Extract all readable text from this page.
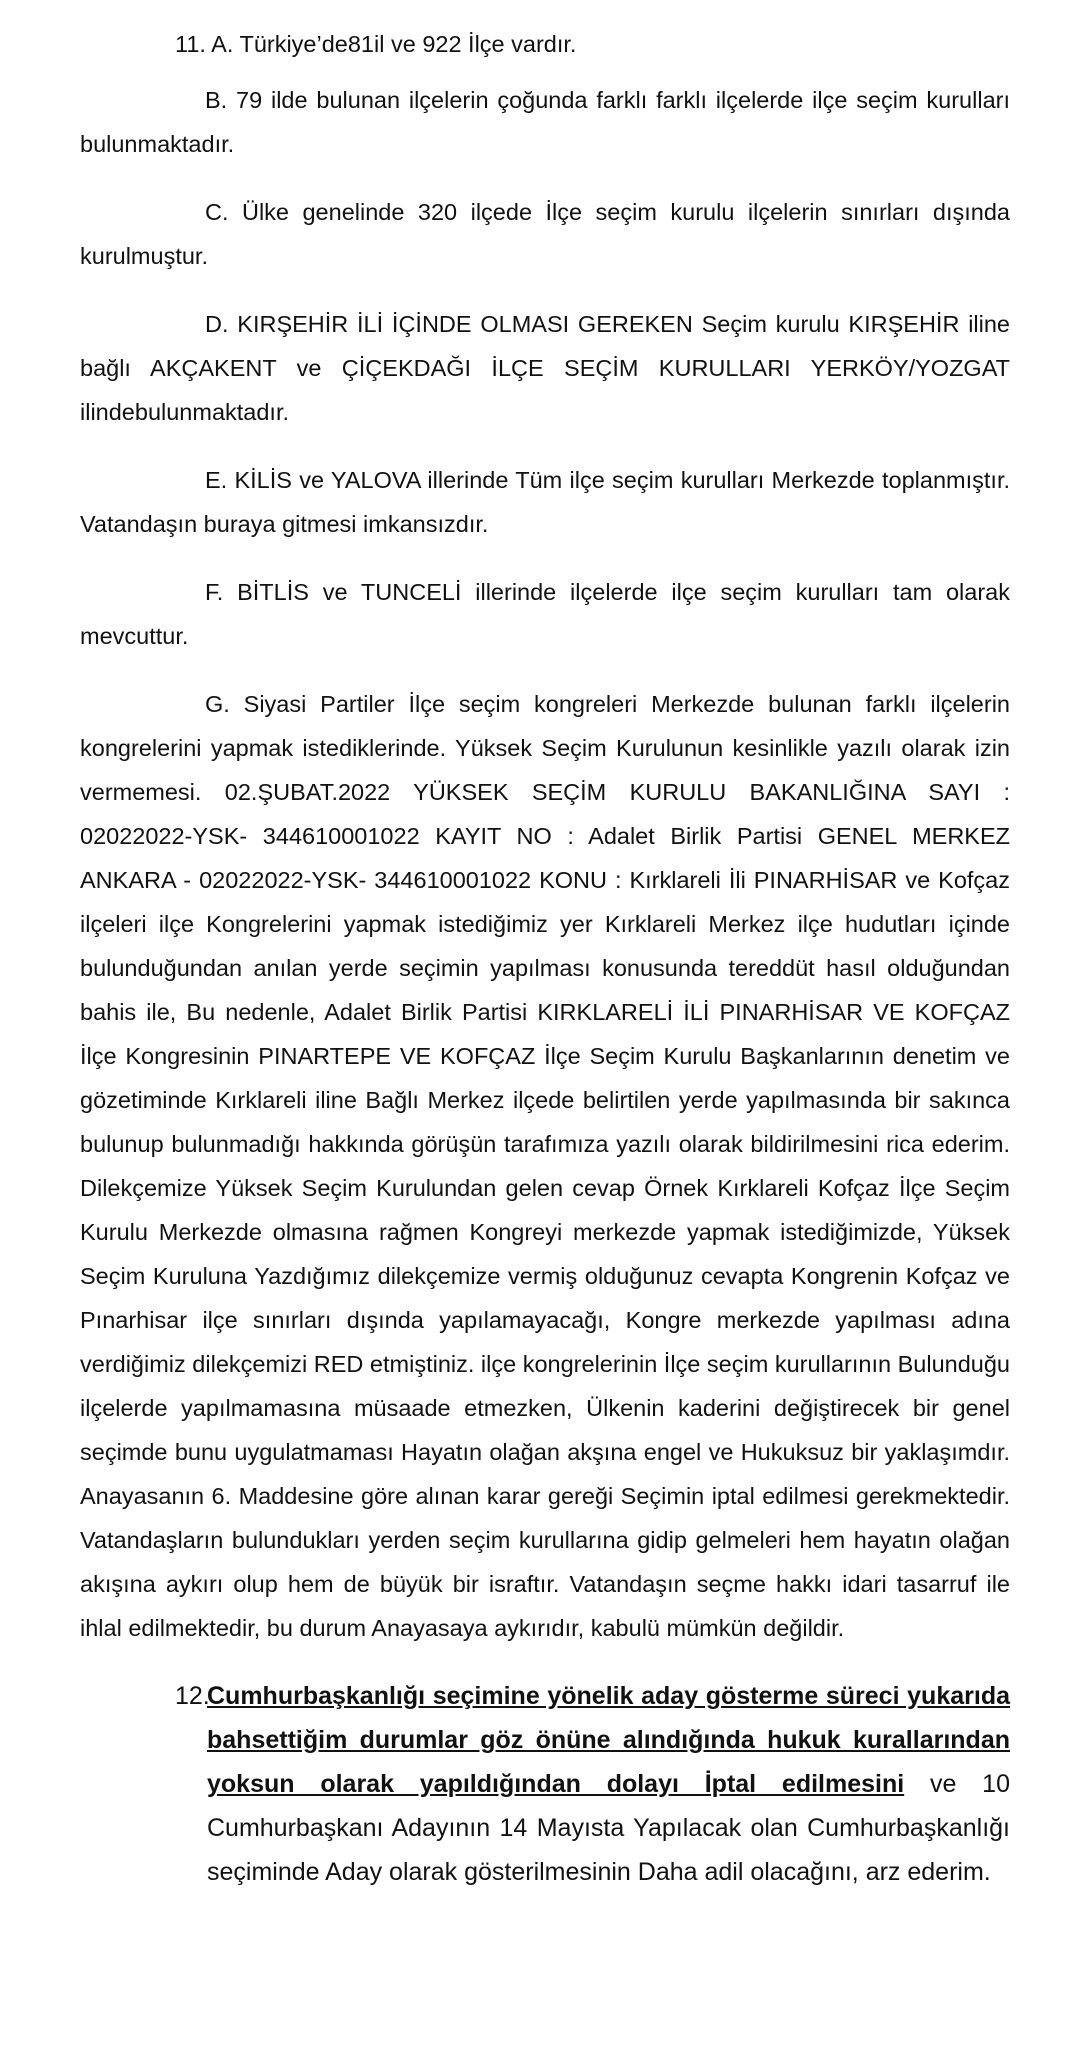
11. A. Türkiye’de81il ve 922 İlçe vardır.

B. 79 ilde bulunan ilçelerin çoğunda farklı farklı ilçelerde ilçe seçim kurulları bulunmaktadır.

C. Ülke genelinde 320 ilçede İlçe seçim kurulu ilçelerin sınırları dışında kurulmuştur.

D. KIRŞEHİR İLİ İÇİNDE OLMASI GEREKEN Seçim kurulu KIRŞEHİR iline bağlı AKÇAKENT ve ÇİÇEKDAĞI İLÇE SEÇİM KURULLARI YERKÖY/YOZGAT ilindebulunmaktadır.

E. KİLİS ve YALOVA illerinde Tüm ilçe seçim kurulları Merkezde toplanmıştır. Vatandaşın buraya gitmesi imkansızdır.

F. BİTLİS ve TUNCELİ illerinde ilçelerde ilçe seçim kurulları tam olarak mevcuttur.

G. Siyasi Partiler İlçe seçim kongreleri Merkezde bulunan farklı ilçelerin kongrelerini yapmak istediklerinde. Yüksek Seçim Kurulunun kesinlikle yazılı olarak izin vermemesi. 02.ŞUBAT.2022 YÜKSEK SEÇİM KURULU BAKANLIĞINA SAYI : 02022022-YSK- 344610001022 KAYIT NO : Adalet Birlik Partisi GENEL MERKEZ ANKARA - 02022022-YSK- 344610001022 KONU : Kırklareli İli PINARHİSAR ve Kofçaz ilçeleri ilçe Kongrelerini yapmak istediğimiz yer Kırklareli Merkez ilçe hudutları içinde bulunduğundan anılan yerde seçimin yapılması konusunda tereddüt hasıl olduğundan bahis ile, Bu nedenle, Adalet Birlik Partisi KIRKLARELİ İLİ PINARHİSAR VE KOFÇAZ İlçe Kongresinin PINARTEPE VE KOFÇAZ İlçe Seçim Kurulu Başkanlarının denetim ve gözetiminde Kırklareli iline Bağlı Merkez ilçede belirtilen yerde yapılmasında bir sakınca bulunup bulunmadığı hakkında görüşün tarafımıza yazılı olarak bildirilmesini rica ederim. Dilekçemize Yüksek Seçim Kurulundan gelen cevap Örnek Kırklareli Kofçaz İlçe Seçim Kurulu Merkezde olmasına rağmen Kongreyi merkezde yapmak istediğimizde, Yüksek Seçim Kuruluna Yazdığımız dilekçemize vermiş olduğunuz cevapta Kongrenin Kofçaz ve Pınarhisar ilçe sınırları dışında yapılamayacağı, Kongre merkezde yapılması adına verdiğimiz dilekçemizi RED etmiştiniz. ilçe kongrelerinin İlçe seçim kurullarının Bulunduğu ilçelerde yapılmamasına müsaade etmezken, Ülkenin kaderini değiştirecek bir genel seçimde bunu uygulatmaması Hayatın olağan akşına engel ve Hukuksuz bir yaklaşımdır. Anayasanın 6. Maddesine göre alınan karar gereği Seçimin iptal edilmesi gerekmektedir. Vatandaşların bulundukları yerden seçim kurullarına gidip gelmeleri hem hayatın olağan akışına aykırı olup hem de büyük bir israftır. Vatandaşın seçme hakkı idari tasarruf ile ihlal edilmektedir, bu durum Anayasaya aykırıdır, kabulü mümkün değildir.

12.
Cumhurbaşkanlığı seçimine yönelik aday gösterme süreci yukarıda bahsettiğim durumlar göz önüne alındığında hukuk kurallarından yoksun olarak yapıldığından dolayı İptal edilmesini ve 10 Cumhurbaşkanı Adayının 14 Mayısta Yapılacak olan Cumhurbaşkanlığı seçiminde Aday olarak gösterilmesinin Daha adil olacağını, arz ederim.
